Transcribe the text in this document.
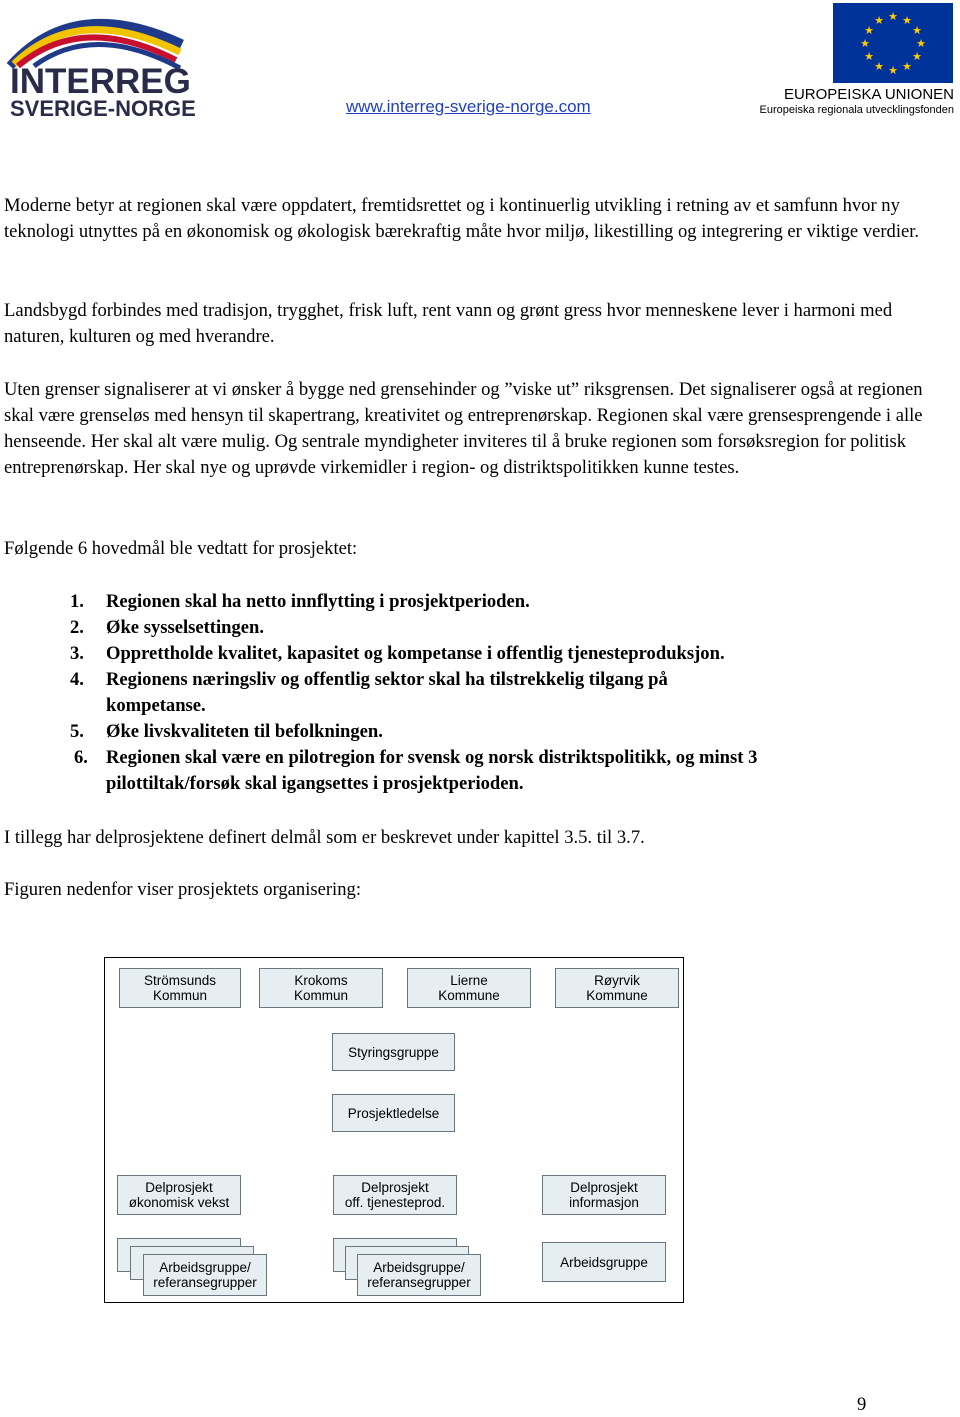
INTERREG
SVERIGE-NORGE	www.interreg-sverige-norge.com
★ ★
★
★
★
★
★
★
★
★
★
★
EUROPEISKA UNIONEN
Europeiska regionala utvecklingsfonden

Moderne betyr at regionen skal være oppdatert, fremtidsrettet og i kontinuerlig utvikling i retning av et samfunn hvor ny teknologi utnyttes på en økonomisk og økologisk bærekraftig måte hvor miljø, likestilling og integrering er viktige verdier.

Landsbygd forbindes med tradisjon, trygghet, frisk luft, rent vann og grønt gress hvor menneskene lever i harmoni med naturen, kulturen og med hverandre.

Uten grenser signaliserer at vi ønsker å bygge ned grensehinder og ”viske ut” riksgrensen. Det signaliserer også at regionen skal være grenseløs med hensyn til skapertrang, kreativitet og entreprenørskap. Regionen skal være grensesprengende i alle henseende. Her skal alt være mulig. Og sentrale myndigheter inviteres til å bruke regionen som forsøksregion for politisk entreprenørskap. Her skal nye og uprøvde virkemidler i region- og distriktspolitikken kunne testes.

Følgende 6 hovedmål ble vedtatt for prosjektet:

1. Regionen skal ha netto innflytting i prosjektperioden.
2. Øke sysselsettingen.
3. Opprettholde kvalitet, kapasitet og kompetanse i offentlig tjenesteproduksjon.
4. Regionens næringsliv og offentlig sektor skal ha tilstrekkelig tilgang på kompetanse.
5. Øke livskvaliteten til befolkningen.
6. Regionen skal være en pilotregion for svensk og norsk distriktspolitikk, og minst 3 pilottiltak/forsøk skal igangsettes i prosjektperioden.

I tillegg har delprosjektene definert delmål som er beskrevet under kapittel 3.5. til 3.7.

Figuren nedenfor viser prosjektets organisering:

Strömsunds
Kommun
Krokoms
Kommun
Lierne
Kommune
Røyrvik
Kommune
Styringsgruppe
Prosjektledelse
Delprosjekt
økonomisk vekst
Delprosjekt
off. tjenesteprod.
Delprosjekt
informasjon
Arbeidsgruppe/
referansegrupper
Arbeidsgruppe/
referansegrupper
Arbeidsgruppe
9
